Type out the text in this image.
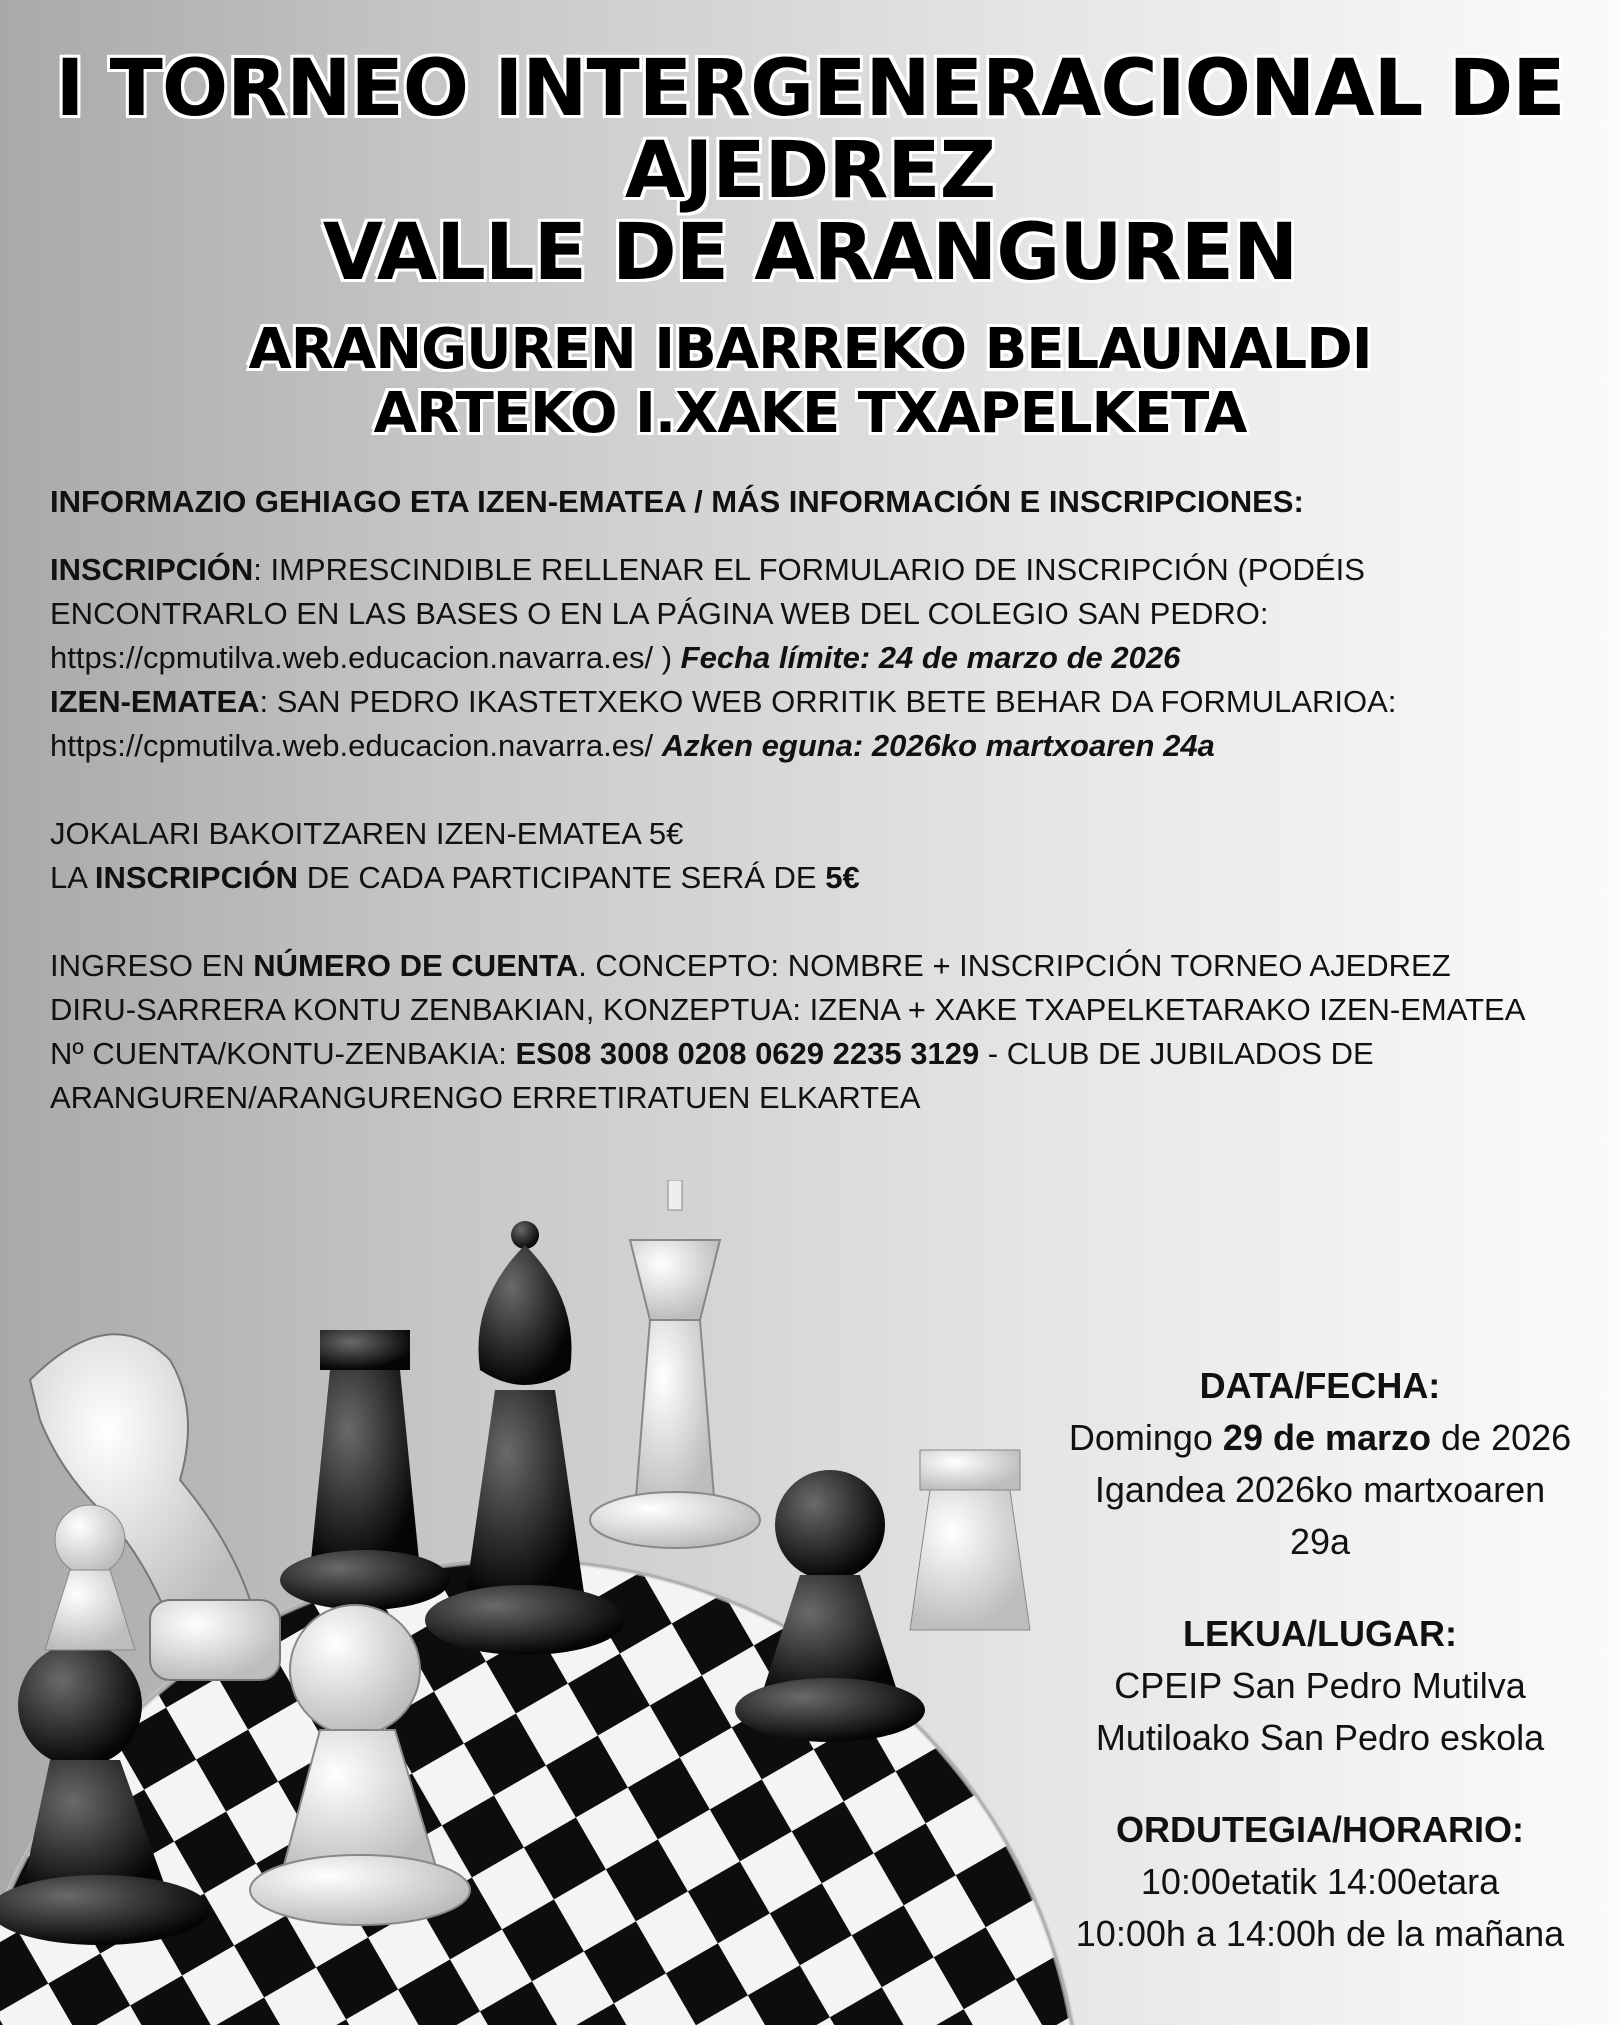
I TORNEO INTERGENERACIONAL DE
AJEDREZ
VALLE DE ARANGUREN
ARANGUREN IBARREKO BELAUNALDI
ARTEKO I.XAKE TXAPELKETA
INFORMAZIO GEHIAGO ETA IZEN-EMATEA / MÁS INFORMACIÓN E INSCRIPCIONES:

INSCRIPCIÓN: IMPRESCINDIBLE RELLENAR EL FORMULARIO DE INSCRIPCIÓN (PODÉIS ENCONTRARLO EN LAS BASES O EN LA PÁGINA WEB DEL COLEGIO SAN PEDRO: https://cpmutilva.web.educacion.navarra.es/ ) Fecha límite: 24 de marzo de 2026

IZEN-EMATEA: SAN PEDRO IKASTETXEKO WEB ORRITIK BETE BEHAR DA FORMULARIOA: https://cpmutilva.web.educacion.navarra.es/ Azken eguna: 2026ko martxoaren 24a

JOKALARI BAKOITZAREN IZEN-EMATEA 5€

LA INSCRIPCIÓN DE CADA PARTICIPANTE SERÁ DE 5€

INGRESO EN NÚMERO DE CUENTA. CONCEPTO: NOMBRE + INSCRIPCIÓN TORNEO AJEDREZ

DIRU-SARRERA KONTU ZENBAKIAN, KONZEPTUA: IZENA + XAKE TXAPELKETARAKO IZEN-EMATEA

Nº CUENTA/KONTU-ZENBAKIA: ES08 3008 0208 0629 2235 3129 - CLUB DE JUBILADOS DE ARANGUREN/ARANGURENGO ERRETIRATUEN ELKARTEA

DATA/FECHA:
Domingo 29 de marzo de 2026
Igandea 2026ko martxoaren 29a
LEKUA/LUGAR:
CPEIP San Pedro Mutilva
Mutiloako San Pedro eskola
ORDUTEGIA/HORARIO:
10:00etatik 14:00etara
10:00h a 14:00h de la mañana
